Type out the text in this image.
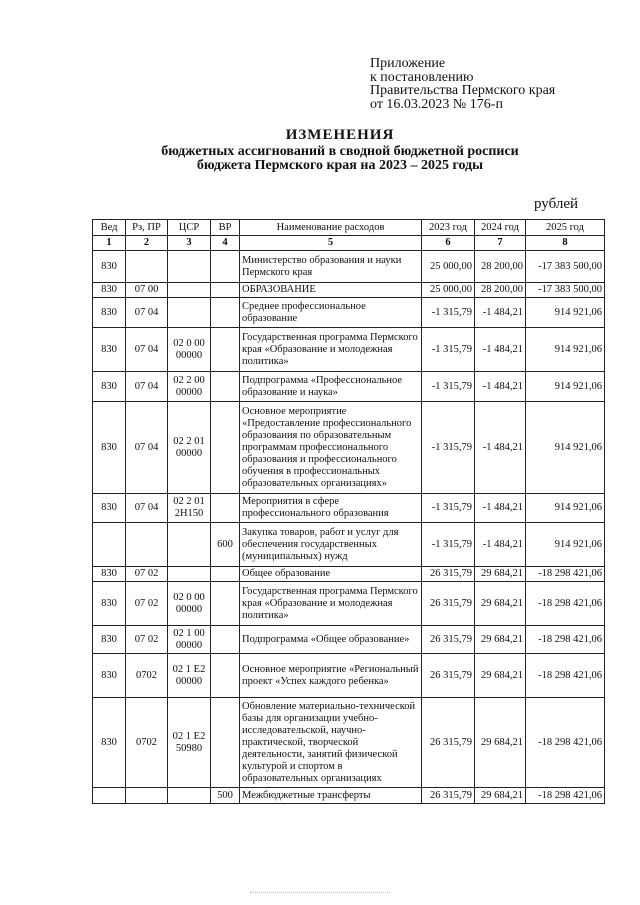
Приложение
к постановлению
Правительства Пермского края
от 16.03.2023 № 176-п
ИЗМЕНЕНИЯ
бюджетных ассигнований в сводной бюджетной росписи
бюджета Пермского края на 2023 – 2025 годы
рублей
Вед	Рз, ПР	ЦСР	ВР	Наименование расходов	2023 год	2024 год	2025 год
1	2	3	4	5	6	7	8
830				Министерство образования и науки Пермского края	25 000,00	28 200,00	-17 383 500,00
830	07 00			ОБРАЗОВАНИЕ	25 000,00	28 200,00	-17 383 500,00
830	07 04			Среднее профессиональное образование	-1 315,79	-1 484,21	914 921,06
830	07 04	02 0 00 00000		Государственная программа Пермского края «Образование и молодежная политика»	-1 315,79	-1 484,21	914 921,06
830	07 04	02 2 00 00000		Подпрограмма «Профессиональное образование и наука»	-1 315,79	-1 484,21	914 921,06
830	07 04	02 2 01 00000		Основное мероприятие «Предоставление профессионального образования по образовательным программам профессионального образования и профессионального обучения в профессиональных образовательных организациях»	-1 315,79	-1 484,21	914 921,06
830	07 04	02 2 01 2Н150		Мероприятия в сфере профессионального образования	-1 315,79	-1 484,21	914 921,06
			600	Закупка товаров, работ и услуг для обеспечения государственных (муниципальных) нужд	-1 315,79	-1 484,21	914 921,06
830	07 02			Общее образование	26 315,79	29 684,21	-18 298 421,06
830	07 02	02 0 00 00000		Государственная программа Пермского края «Образование и молодежная политика»	26 315,79	29 684,21	-18 298 421,06
830	07 02	02 1 00 00000		Подпрограмма «Общее образование»	26 315,79	29 684,21	-18 298 421,06
830	0702	02 1 Е2 00000		Основное мероприятие «Региональный проект «Успех каждого ребенка»	26 315,79	29 684,21	-18 298 421,06
830	0702	02 1 Е2 50980		Обновление материально-технической базы для организации учебно-исследовательской, научно-практической, творческой деятельности, занятий физической культурой и спортом в образовательных организациях	26 315,79	29 684,21	-18 298 421,06
			500	Межбюджетные трансферты	26 315,79	29 684,21	-18 298 421,06
